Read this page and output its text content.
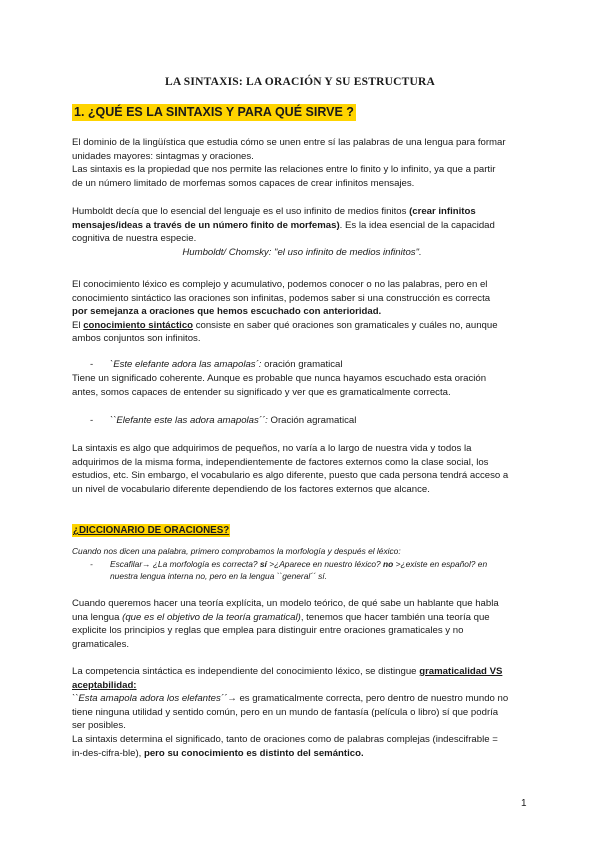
LA SINTAXIS: LA ORACIÓN Y SU ESTRUCTURA
1. ¿QUÉ ES LA SINTAXIS Y PARA QUÉ SIRVE ?

El dominio de la lingüística que estudia cómo se unen entre sí las palabras de una lengua para formar

unidades mayores: sintagmas y oraciones.

Las sintaxis es la propiedad que nos permite las relaciones entre lo finito y lo infinito, ya que a partir

de un número limitado de morfemas somos capaces de crear infinitos mensajes.

Humboldt decía que lo esencial del lenguaje es el uso infinito de medios finitos (crear infinitos

mensajes/ideas a través de un número finito de morfemas). Es la idea esencial de la capacidad

cognitiva de nuestra especie.

Humboldt/ Chomsky: "el uso infinito de medios infinitos".

El conocimiento léxico es complejo y acumulativo, podemos conocer o no las palabras, pero en el

conocimiento sintáctico las oraciones son infinitas, podemos saber si una construcción es correcta

por semejanza a oraciones que hemos escuchado con anterioridad.

El conocimiento sintáctico consiste en saber qué oraciones son gramaticales y cuáles no, aunque

ambos conjuntos son infinitos.

- `Este elefante adora las amapolas´: oración gramatical

Tiene un significado coherente. Aunque es probable que nunca hayamos escuchado esta oración

antes, somos capaces de entender su significado y ver que es gramaticalmente correcta.

- ``Elefante este las adora amapolas´´: Oración agramatical

La sintaxis es algo que adquirimos de pequeños, no varía a lo largo de nuestra vida y todos la

adquirimos de la misma forma, independientemente de factores externos como la clase social, los

estudios, etc. Sin embargo, el vocabulario es algo diferente, puesto que cada persona tendrá acceso a

un nivel de vocabulario diferente dependiendo de los factores externos que alcance.

¿DICCIONARIO DE ORACIONES?
Cuando nos dicen una palabra, primero comprobamos la morfología y después el léxico:
- Escafilar→ ¿La morfología es correcta? sí >¿Aparece en nuestro léxico? no >¿existe en español? en
nuestra lengua interna no, pero en la lengua ``general´´ sí.

Cuando queremos hacer una teoría explícita, un modelo teórico, de qué sabe un hablante que habla

una lengua (que es el objetivo de la teoría gramatical), tenemos que hacer también una teoría que

explicite los principios y reglas que emplea para distinguir entre oraciones gramaticales y no

gramaticales.

La competencia sintáctica es independiente del conocimiento léxico, se distingue gramaticalidad VS

aceptabilidad:

``Esta amapola adora los elefantes´´→ es gramaticalmente correcta, pero dentro de nuestro mundo no

tiene ninguna utilidad y sentido común, pero en un mundo de fantasía (película o libro) sí que podría

ser posibles.

La sintaxis determina el significado, tanto de oraciones como de palabras complejas (indescifrable =

in-des-cifra-ble), pero su conocimiento es distinto del semántico.

1
